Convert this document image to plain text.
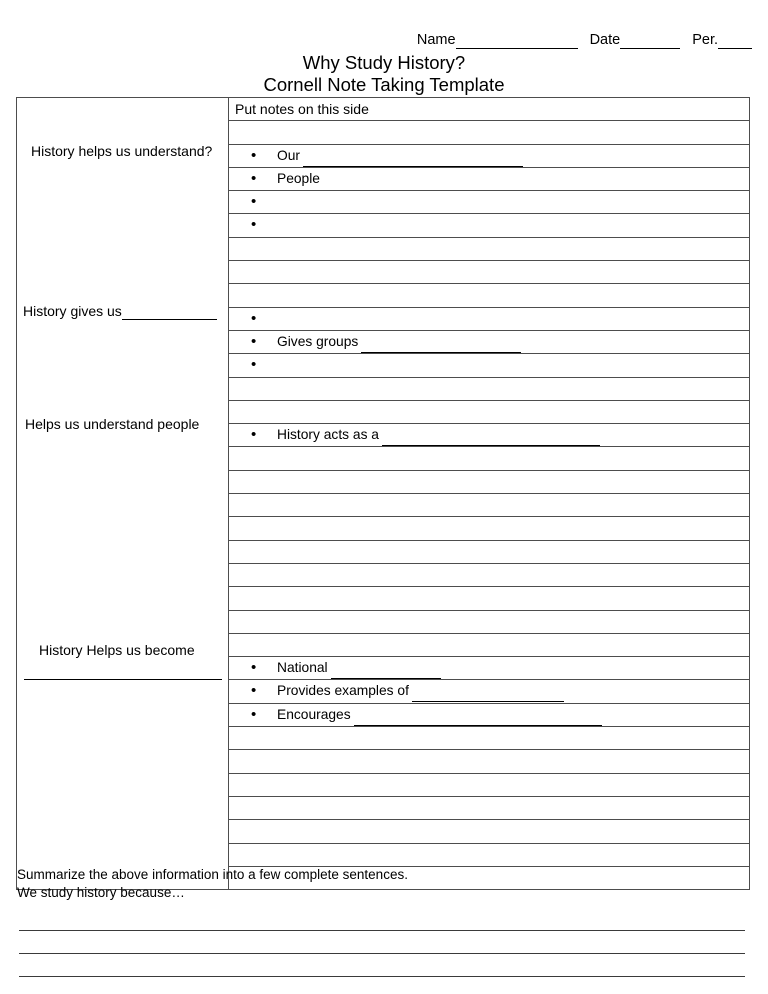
Name	Date	Per.
Why Study History?
Cornell Note Taking Template
History helps us understand?
History gives us
Helps us understand people
History Helps us become
	Put notes on this side

• Our

• People

•

•

•

• Gives groups

•

• History acts as a

• National

• Provides examples of

• Encourages

Summarize the above information into a few complete sentences.
We study history because…
